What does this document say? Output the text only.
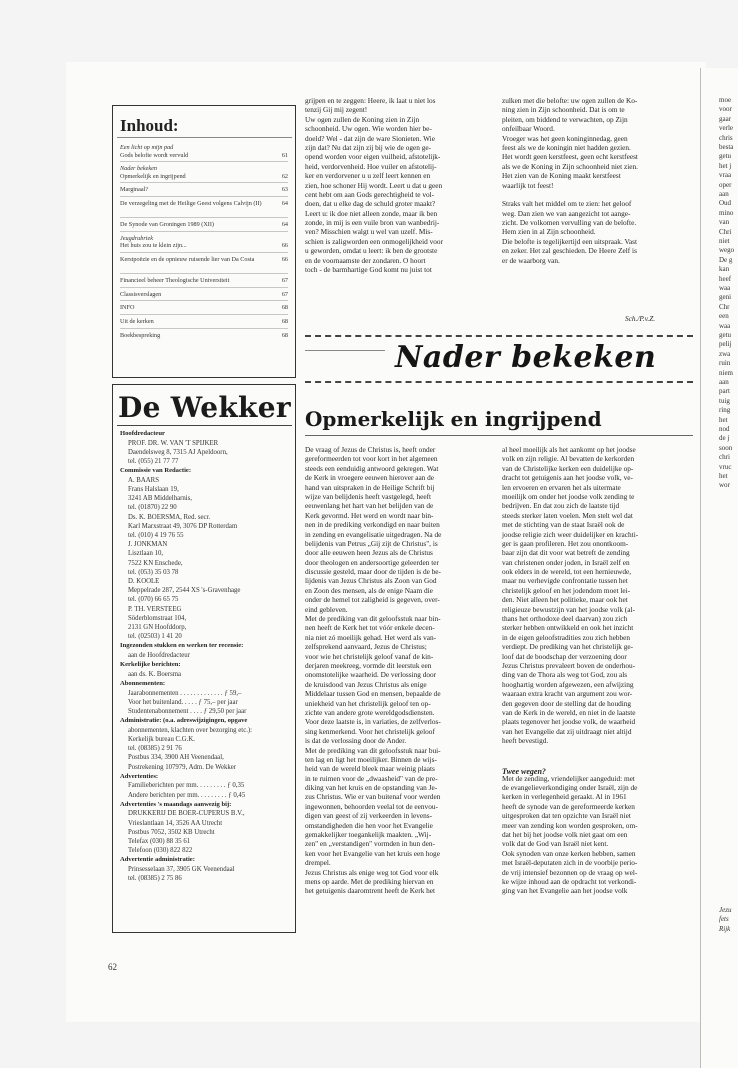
moe
voor
gaar
verle
chris
besta
getu
het j
vraa
oper
aan
Oud
mino
van
Chri
niet
wego
De g
kan
heef
waa
geni
Chr
een
waa
getu
pelij
zwa
ruin
niem
aan
part
tuig
ring
het
nod
de j
soon
chri
vruc
het
wor
Jezu
fets
Rijk
Inhoud:
Een licht op mijn pad
Gods beloftе wordt vervuld	61
Nader bekeken
Opmerkelijk en ingrijpend	62
Marginaal?	63
De verzegeling met de Heilige Geest volgens Calvijn (II)	64
De Synode van Groningen 1989 (XII)	64
Jeugdrubriek
Het huis zou te klein zijn...	66
Kerstpoëzie en de opnieuw ruisende lier van Da Costa	66
Financieel beheer Theologische Universiteit	67
Classisverslagen	67
INFO	68
Uit de kerken	68
Boekbespreking	68
De Wekker
Hoofdredacteur
PROF. DR. W. VAN 'T SPIJKER
Daendelsweg 8, 7315 AJ Apeldoorn,
tel. (055) 21 77 77
Commissie van Redactie:
A. BAARS
Frans Halslaan 19,
3241 AB Middelharnis,
tel. (01870) 22 90
Ds. K. BOERSMA, Red. secr.
Karl Marxstraat 49, 3076 DP Rotterdam
tel. (010) 4 19 76 55
J. JONKMAN
Lisztlaan 10,
7522 KN Enschede,
tel. (053) 35 03 78
D. KOOLE
Meppelrade 287, 2544 XS 's-Gravenhage
tel. (070) 66 65 75
P. TH. VERSTEEG
Söderblomstraat 104,
2131 GN Hoofddorp,
tel. (02503) 1 41 20
Ingezonden stukken en werken ter recensie:
aan de Hoofdredacteur
Kerkelijke berichten:
aan ds. K. Boersma
Abonnementen:
Jaarabonnementen . . . . . . . . . . . . . ƒ 59,–
Voor het buitenland. . . . . ƒ 75,– per jaar
Studentenabonnement . . . . ƒ 29,50 per jaar
Administratie: (o.a. adreswijzigingen, opgave
abonnementen, klachten over bezorging etc.):
Kerkelijk bureau C.G.K.
tel. (08385) 2 91 76
Postbus 334, 3900 AH Veenendaal,
Postrekening 107979, Adm. De Wekker
Advertenties:
Familieberichten per mm. . . . . . . . . ƒ 0,35
Andere berichten per mm. . . . . . . . . ƒ 0,45
Advertenties 's maandags aanwezig bij:
DRUKKERIJ DE BOER-CUPERUS B.V.,
Vrieslantlaan 14, 3526 AA Utrecht
Postbus 7052, 3502 KB Utrecht
Telefax (030) 88 35 61
Telefoon (030) 822 822
Advertentie administratie:
Prinsesselaan 37, 3905 GK Veenendaal
tel. (08385) 2 75 86
grijpen en te zeggen: Heere, ik laat u niet los
tenzij Gij mij zegent!
Uw ogen zullen de Koning zien in Zijn
schoonheid. Uw ogen. Wie worden hier be-
doeld? Wel - dat zijn de ware Sionieten. Wie
zijn dat? Nu dat zijn zij bij wie de ogen ge-
opend worden voor eigen vuilheid, afstotelijk-
heid, verdorvenheid. Hoe vuiler en afstotelij-
ker en verdorvener u u zelf leert kennen en
zien, hoe schoner Hij wordt. Leert u dat u geen
cent hebt om aan Gods gerechtigheid te vol-
doen, dat u elke dag de schuld groter maakt?
Leert u: ik doe niet alleen zonde, maar ik ben
zonde, in mij is een vuile bron van wanbedrij-
ven? Misschien walgt u wel van uzelf. Mis-
schien is zaligworden een onmogelijkheid voor
u geworden, omdat u leert: ik ben de grootste
en de voornaamste der zondaren. O hoort
toch - de barmhartige God komt nu juist tot
zulken met die belofte: uw ogen zullen de Ko-
ning zien in Zijn schoonheid. Dat is om te
pleiten, om biddend te verwachten, op Zijn
onfeilbaar Woord.
Vroeger was het geen koninginnedag, geen
feest als we de koningin niet hadden gezien.
Het wordt geen kerstfeest, geen echt kerstfeest
als we de Koning in Zijn schoonheid niet zien.
Het zien van de Koning maakt kerstfeest
waarlijk tot feest!
Straks valt het middel om te zien: het geloof
weg. Dan zien we van aangezicht tot aange-
zicht. De volkomen vervulling van de belofte.
Hem zien in al Zijn schoonheid.
Die belofte is tegelijkertijd een uitspraak. Vast
en zeker. Het zal geschieden. De Heere Zelf is
er de waarborg van.
Sch./P.v.Z.
Nader bekeken
Opmerkelijk en ingrijpend
De vraag of Jezus de Christus is, heeft onder
gereformeerden tot voor kort in het algemeen
steeds een eenduidig antwoord gekregen. Wat
de Kerk in vroegere eeuwen hierover aan de
hand van uitspraken in de Heilige Schrift bij
wijze van belijdenis heeft vastgelegd, heeft
eeuwenlang het hart van het belijden van de
Kerk gevormd. Het werd en wordt naar bin-
nen in de prediking verkondigd en naar buiten
in zending en evangelisatie uitgedragen. Na de
belijdenis van Petrus „Gij zijt de Christus", is
door alle eeuwen heen Jezus als de Christus
door theologen en andersoortige geleerden ter
discussie gesteld, maar door de tijden is de be-
lijdenis van Jezus Christus als Zoon van God
en Zoon des mensen, als de enige Naam die
onder de hemel tot zaligheid is gegeven, over-
eind gebleven.
Met de prediking van dit geloofsstuk naar bin-
nen heeft de Kerk het tot vóór enkele decen-
nia niet zó moeilijk gehad. Het werd als van-
zelfsprekend aanvaard, Jezus de Christus;
voor wie het christelijk geloof vanaf de kin-
derjaren meekreeg, vormde dit leerstuk een
onomstotelijke waarheid. De verlossing door
de kruisdood van Jezus Christus als enige
Middelaar tussen God en mensen, bepaalde de
uniekheid van het christelijk geloof ten op-
zichte van andere grote wereldgodsdiensten.
Voor deze laatste is, in variaties, de zelfverlos-
sing kenmerkend. Voor het christelijk geloof
is dat de verlossing door de Ander.
Met de prediking van dit geloofsstuk naar bui-
ten lag en ligt het moeilijker. Binnen de wijs-
heid van de wereld bleek maar weinig plaats
in te ruimen voor de „dwaasheid" van de pre-
diking van het kruis en de opstanding van Je-
zus Christus. Wie er van buitenaf voor werden
ingewonnen, behoorden veelal tot de eenvou-
digen van geest of zij verkeerden in levens-
omstandigheden die hen voor het Evangelie
gemakkelijker toegankelijk maakten. „Wij-
zen" en „verstandigen" vormden in hun den-
ken voor het Evangelie van het kruis een hoge
drempel.
Jezus Christus als enige weg tot God voor elk
mens op aarde. Met de prediking hiervan en
het getuigenis daaromtrent heeft de Kerk het
al heel moeilijk als het aankomt op het joodse
volk en zijn religie. Al bevatten de kerkorden
van de Christelijke kerken een duidelijke op-
dracht tot getuigenis aan het joodse volk, ve-
len ervoeren en ervaren het als uitermate
moeilijk om onder het joodse volk zending te
bedrijven. En dat zou zich de laatste tijd
steeds sterker laten voelen. Men stelt wel dat
met de stichting van de staat Israël ook de
joodse religie zich weer duidelijker en krachti-
ger is gaan profileren. Het zou onontkoom-
baar zijn dat dit voor wat betreft de zending
van christenen onder joden, in Israël zelf en
ook elders in de wereld, tot een hernieuwde,
maar nu verhevigde confrontatie tussen het
christelijk geloof en het jodendom moet lei-
den. Niet alleen het politieke, maar ook het
religieuze bewustzijn van het joodse volk (al-
thans het orthodoxe deel daarvan) zou zich
sterker hebben ontwikkeld en ook het inzicht
in de eigen geloofstradities zou zich hebben
verdiept. De prediking van het christelijk ge-
loof dat de boodschap der verzoening door
Jezus Christus prevaleert boven de onderhou-
ding van de Thora als weg tot God, zou als
hooghartig worden afgewezen, een afwijzing
waaraan extra kracht van argument zou wor-
den gegeven door de stelling dat de houding
van de Kerk in de wereld, en niet in de laatste
plaats tegenover het joodse volk, de waarheid
van het Evangelie dat zij uitdraagt niet altijd
heeft bevestigd.
Met de zending, vriendelijker aangeduid: met
de evangelieverkondiging onder Israël, zijn de
kerken in verlegenheid geraakt. Al in 1961
heeft de synode van de gereformeerde kerken
uitgesproken dat ten opzichte van Israël niet
meer van zending kon worden gesproken, om-
dat het bij het joodse volk niet gaat om een
volk dat de God van Israël niet kent.
Ook synoden van onze kerken hebben, samen
met Israël-deputaten zich in de voorbije perio-
de vrij intensief bezonnen op de vraag op wel-
ke wijze inhoud aan de opdracht tot verkondi-
ging van het Evangelie aan het joodse volk
Twee wegen?
62
